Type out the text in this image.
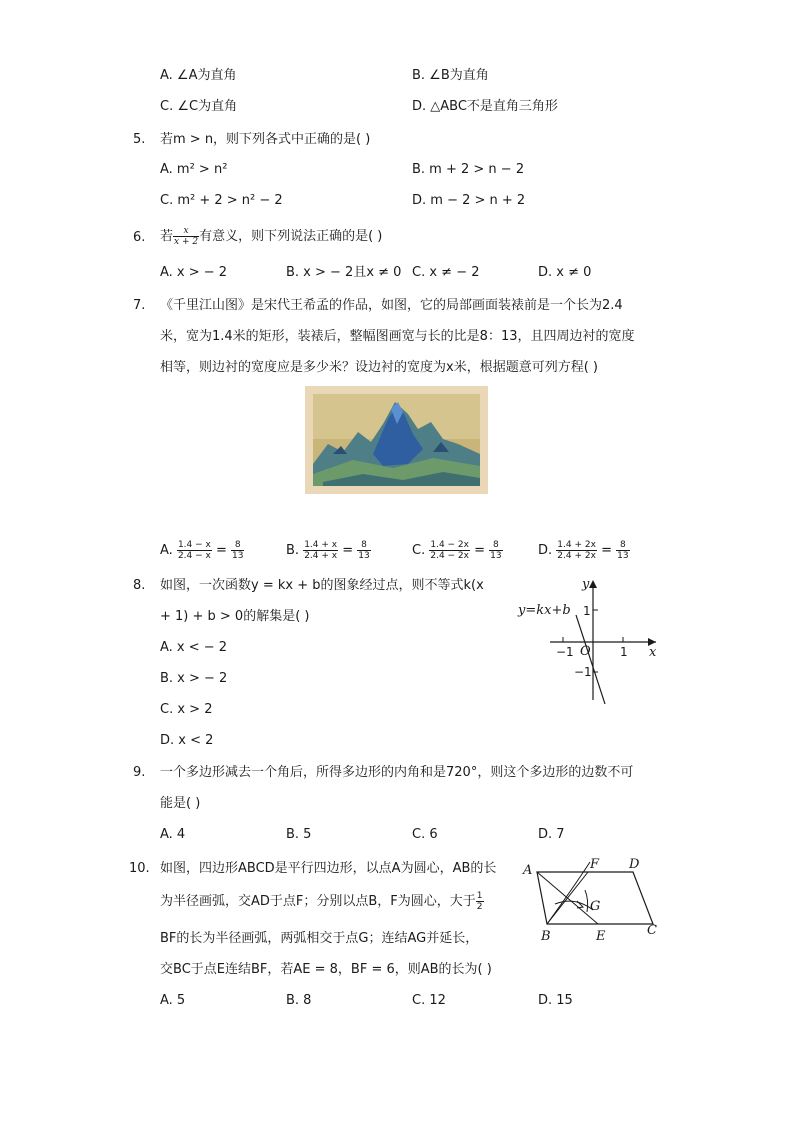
A. ∠A为直角	B. ∠B为直角
C. ∠C为直角	D. △ABC不是直角三角形
5. 若m > n，则下列各式中正确的是( )
A. m² > n²	B. m + 2 > n − 2
C. m² + 2 > n² − 2	D. m − 2 > n + 2
6. 若 $\frac{x}{x + 2}$ 有意义，则下列说法正确的是( )
A. x > − 2	B. x > − 2且x ≠ 0 C. x ≠ − 2	D. x ≠ 0
7. 《千里江山图》是宋代王希孟的作品，如图，它的局部画面装裱前是一个长为2.4
米，宽为1.4米的矩形，装裱后，整幅图画宽与长的比是8：13，且四周边衬的宽度
相等，则边衬的宽度应是多少米？设边衬的宽度为x米，根据题意可列方程( )
A. $\frac{1.4 - x}{2.4 - x} = \frac{8}{13}$	B. $\frac{1.4 + x}{2.4 + x} = \frac{8}{13}$	C. $\frac{1.4 - 2x}{2.4 - 2x} = \frac{8}{13}$	D. $\frac{1.4 + 2x}{2.4 + 2x} = \frac{8}{13}$
8. 如图，一次函数y = kx + b的图象经过点，则不等式k(x
+ 1) + b > 0的解集是( )
A. x < − 2
B. x > − 2
C. x > 2
D. x < 2
y=kx+b
y
x
O
1
1
−1
−1
9. 一个多边形减去一个角后，所得多边形的内角和是720°，则这个多边形的边数不可
能是( )
A. 4	B. 5	C. 6	D. 7
10. 如图，四边形ABCD是平行四边形，以点A为圆心，AB的长
为半径画弧，交AD于点F；分别以点B，F为圆心，大于 $\frac{1}{2}$
BF的长为半径画弧，两弧相交于点G；连结AG并延长，
交BC于点E连结BF，若AE = 8，BF = 6，则AB的长为( )
A. 5	B. 8	C. 12	D. 15
A	F D
G
B	E	C
